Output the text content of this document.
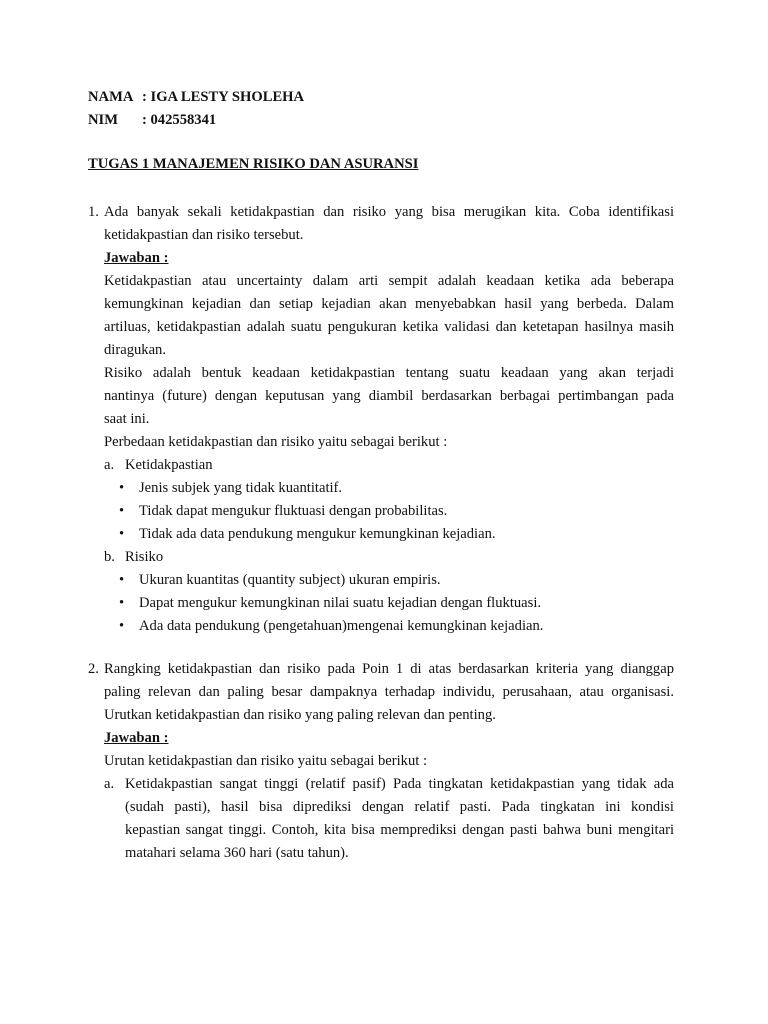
NAMA : IGA LESTY SHOLEHA
NIM	: 042558341
TUGAS 1 MANAJEMEN RISIKO DAN ASURANSI
1. Ada banyak sekali ketidakpastian dan risiko yang bisa merugikan kita. Coba identifikasi ketidakpastian dan risiko tersebut.
Jawaban :
Ketidakpastian atau uncertainty dalam arti sempit adalah keadaan ketika ada beberapa
kemungkinan kejadian dan setiap kejadian akan menyebabkan hasil yang berbeda. Dalam
artiluas, ketidakpastian adalah suatu pengukuran ketika validasi dan ketetapan hasilnya masih
diragukan.
Risiko adalah bentuk keadaan ketidakpastian tentang suatu keadaan yang akan terjadi
nantinya (future) dengan keputusan yang diambil berdasarkan berbagai pertimbangan pada
saat ini.
Perbedaan ketidakpastian dan risiko yaitu sebagai berikut :
a. Ketidakpastian
•	Jenis subjek yang tidak kuantitatif.
•	Tidak dapat mengukur fluktuasi dengan probabilitas.
•	Tidak ada data pendukung mengukur kemungkinan kejadian.
b. Risiko
•	Ukuran kuantitas (quantity subject) ukuran empiris.
•	Dapat mengukur kemungkinan nilai suatu kejadian dengan fluktuasi.
•	Ada data pendukung (pengetahuan)mengenai kemungkinan kejadian.
2. Rangking ketidakpastian dan risiko pada Poin 1 di atas berdasarkan kriteria yang dianggap
paling relevan dan paling besar dampaknya terhadap individu, perusahaan, atau organisasi.
Urutkan ketidakpastian dan risiko yang paling relevan dan penting.
Jawaban :
Urutan ketidakpastian dan risiko yaitu sebagai berikut :
a. Ketidakpastian sangat tinggi (relatif pasif) Pada tingkatan ketidakpastian yang tidak ada
(sudah pasti), hasil bisa diprediksi dengan relatif pasti. Pada tingkatan ini kondisi
kepastian sangat tinggi. Contoh, kita bisa memprediksi dengan pasti bahwa buni mengitari
matahari selama 360 hari (satu tahun).
